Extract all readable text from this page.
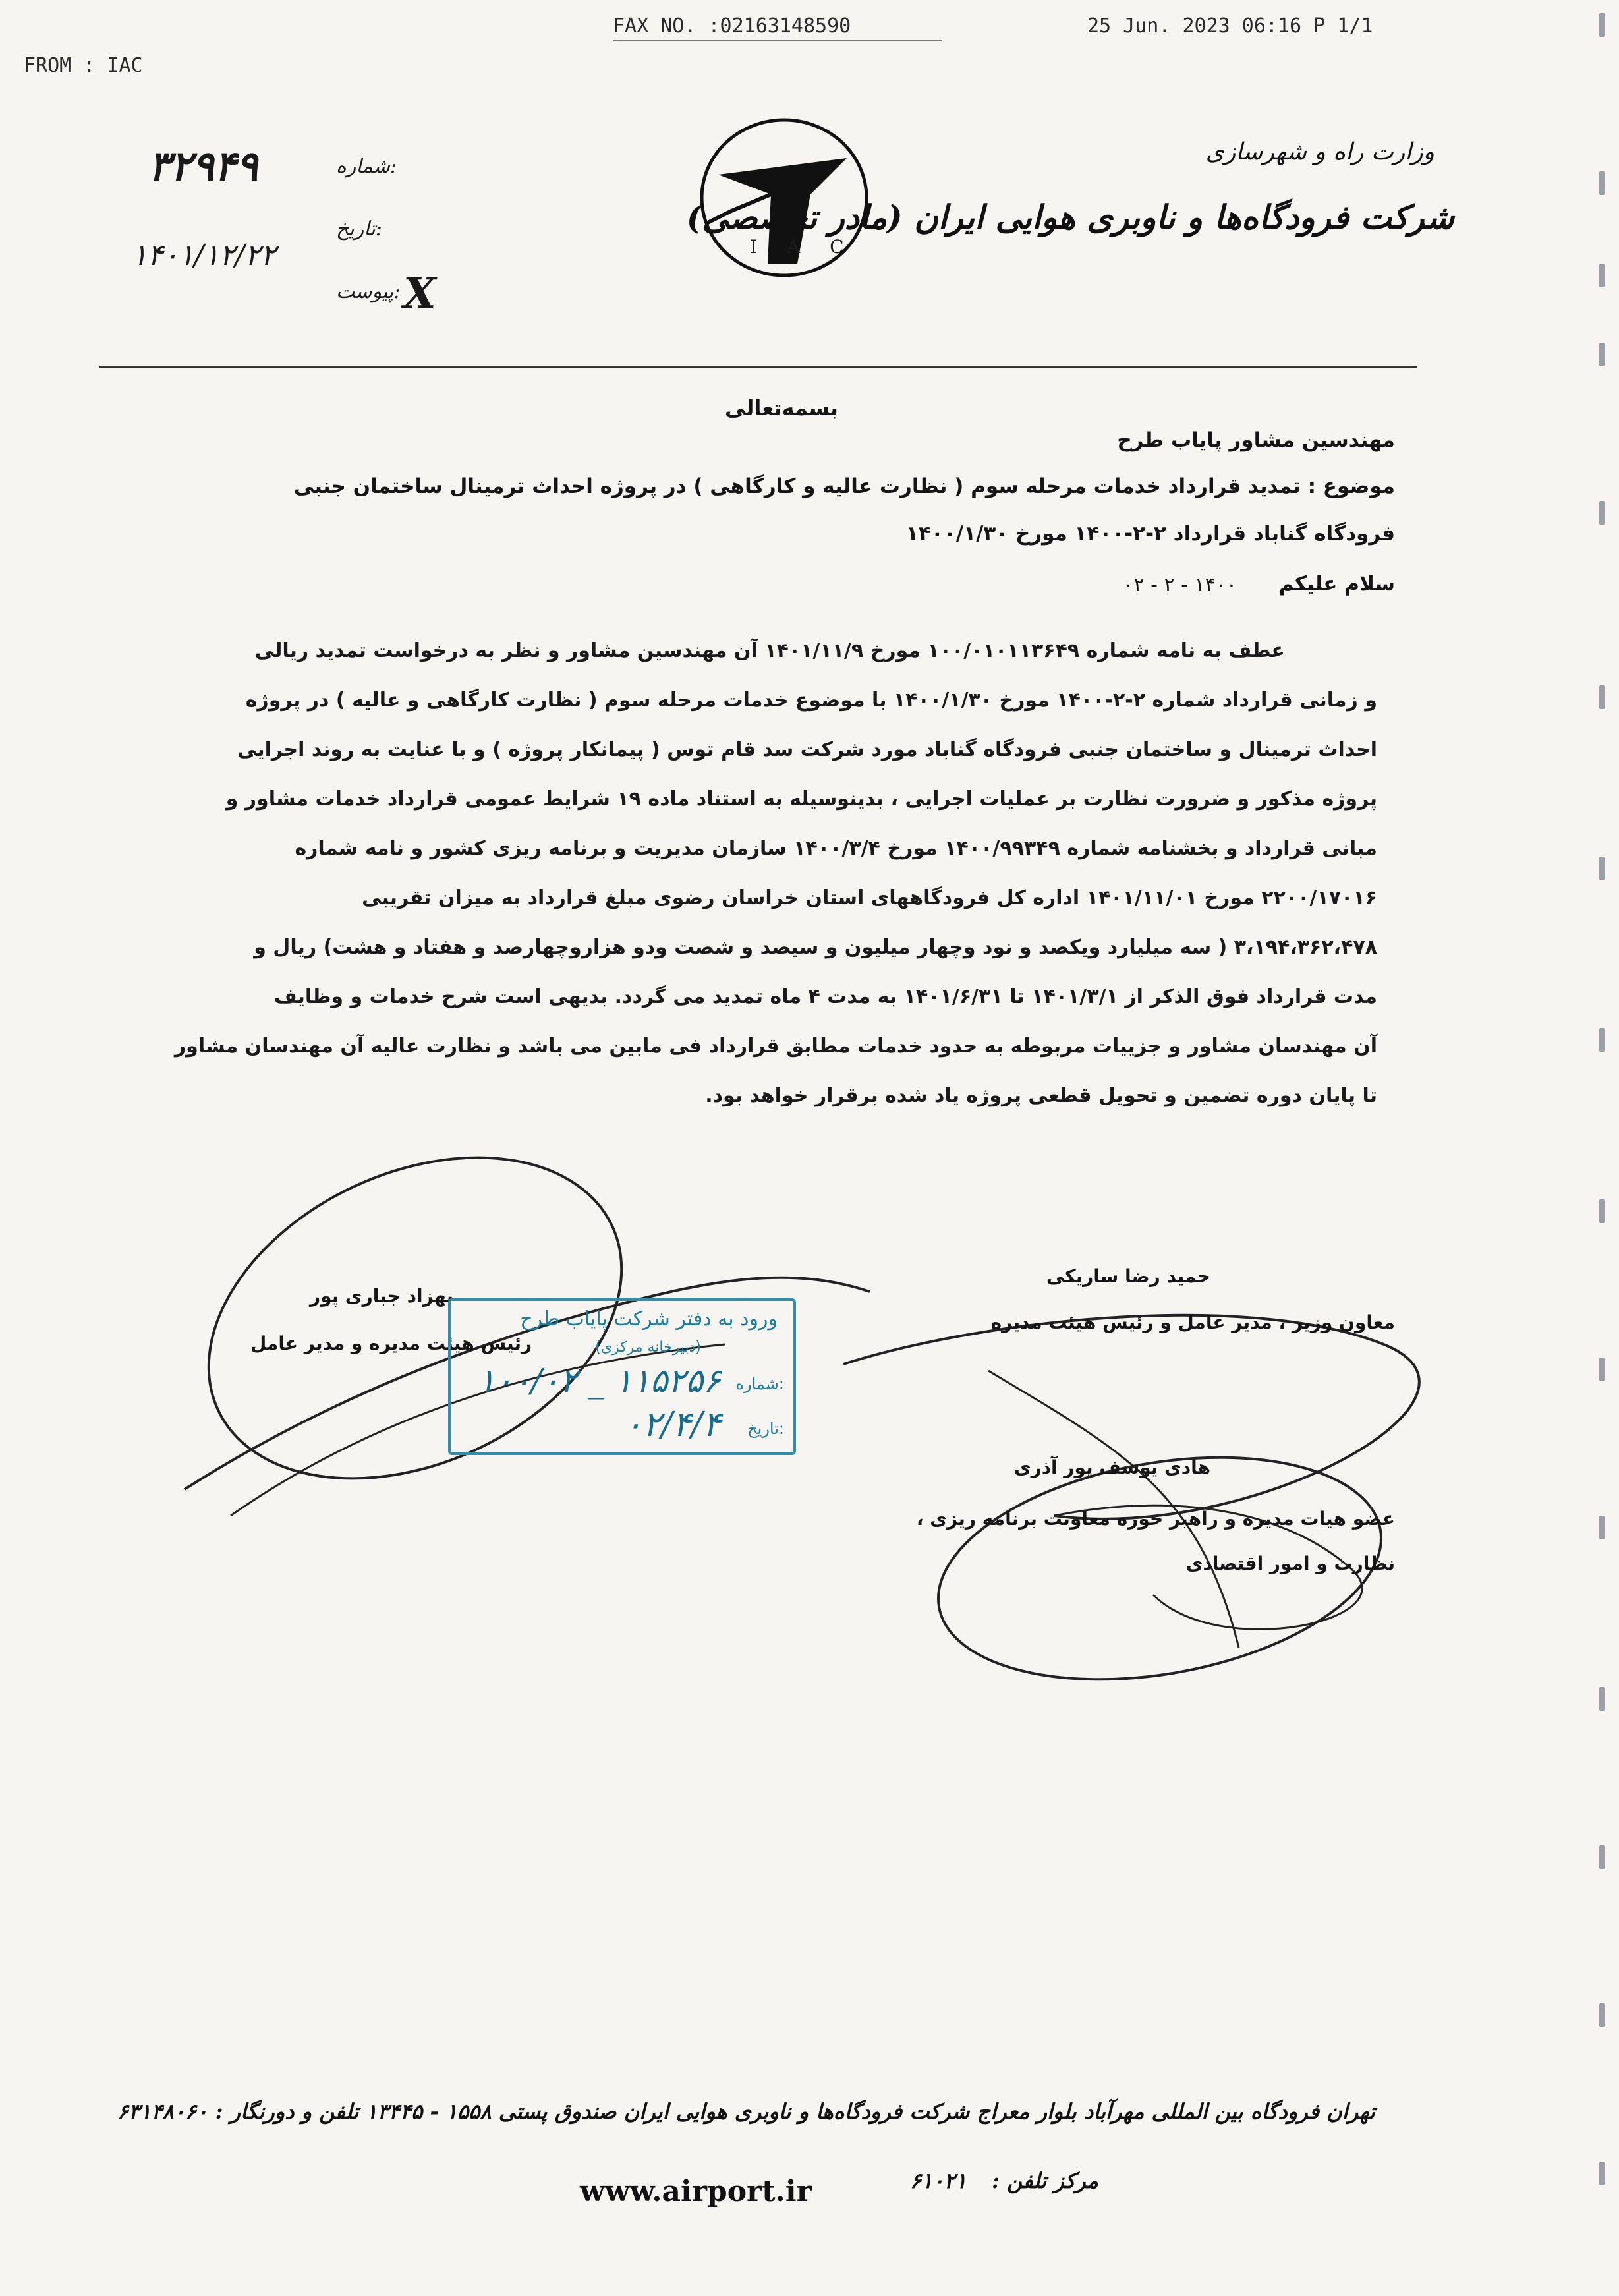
FROM : IAC
FAX NO. :02163148590	25 Jun. 2023 06:16 P 1/1
۳۲۹۴۹	شماره:
۱۴۰۱/۱۲/۲۲
تاریخ:
پیوست: X
I A C
وزارت راه و شهرسازی
شرکت فرودگاه‌ها و ناوبری هوایی ایران (مادر تخصصی)
بسمه‌تعالی
مهندسین مشاور پایاب طرح
موضوع : تمدید قرارداد خدمات مرحله سوم ( نظارت عالیه و کارگاهی ) در پروژه احداث ترمینال ساختمان جنبی
فرودگاه گناباد قرارداد ۲-۲-۱۴۰۰ مورخ ۱۴۰۰/۱/۳۰
سلام علیکم
۱۴۰۰ - ۲ - ۰۲
عطف به نامه شماره ۱۰۰/۰۱۰۱۱۳۶۴۹ مورخ ۱۴۰۱/۱۱/۹ آن مهندسین مشاور و نظر به درخواست تمدید ریالی
و زمانی قرارداد شماره ۲-۲-۱۴۰۰ مورخ ۱۴۰۰/۱/۳۰ با موضوع خدمات مرحله سوم ( نظارت کارگاهی و عالیه ) در پروژه
احداث ترمینال و ساختمان جنبی فرودگاه گناباد مورد شرکت سد قام توس ( پیمانکار پروژه ) و با عنایت به روند اجرایی
پروژه مذکور و ضرورت نظارت بر عملیات اجرایی ، بدینوسیله به استناد ماده ۱۹ شرایط عمومی قرارداد خدمات مشاور و
مبانی قرارداد و بخشنامه شماره ۱۴۰۰/۹۹۳۴۹ مورخ ۱۴۰۰/۳/۴ سازمان مدیریت و برنامه ریزی کشور و نامه شماره
۲۲۰۰/۱۷۰۱۶ مورخ ۱۴۰۱/۱۱/۰۱ اداره کل فرودگاههای استان خراسان رضوی مبلغ قرارداد به میزان تقریبی
۳،۱۹۴،۳۶۲،۴۷۸ ( سه میلیارد ویکصد و نود وچهار میلیون و سیصد و شصت ودو هزاروچهارصد و هفتاد و هشت) ریال و
مدت قرارداد فوق الذکر از ۱۴۰۱/۳/۱ تا ۱۴۰۱/۶/۳۱ به مدت ۴ ماه تمدید می گردد. بدیهی است شرح خدمات و وظایف
آن مهندسان مشاور و جزییات مربوطه به حدود خدمات مطابق قرارداد فی مابین می باشد و نظارت عالیه آن مهندسان مشاور
تا پایان دوره تضمین و تحویل قطعی پروژه یاد شده برقرار خواهد بود.
حمید رضا ساریکی
معاون وزیر ، مدیر عامل و رئیس هیئت مدیره
بهزاد جباری پور
رئیس هیئت مدیره و مدیر عامل
هادی یوسف پور آذری
عضو هیات مدیره و راهبر حوزه معاونت برنامه ریزی ،
نظارت و امور اقتصادی
ورود به دفتر شرکت پایاب طرح
(دبیرخانه مرکزی)
شماره:
۱۰۰/۰۲ _ ۱۱۵۲۵۶
تاریخ:
۰۲/۴/۴
تهران فرودگاه بین المللی مهرآباد بلوار معراج شرکت فرودگاه‌ها و ناوبری هوایی ایران صندوق پستی ۱۵۵۸ - ۱۳۴۴۵ تلفن و دورنگار : ۶۳۱۴۸۰۶۰
مرکز تلفن :
۶۱۰۲۱
www.airport.ir
